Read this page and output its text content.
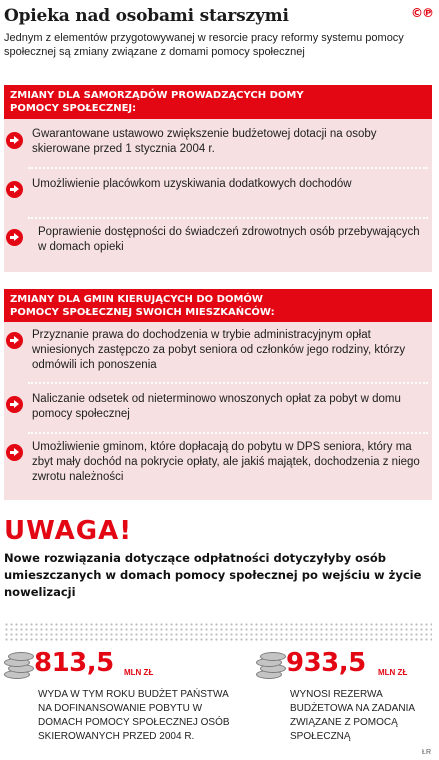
Opieka nad osobami starszymi	©℗
Jednym z elementów przygotowywanej w resorcie pracy reformy systemu pomocy społecznej są zmiany związane z domami pomocy społecznej
ZMIANY DLA SAMORZĄDÓW PROWADZĄCYCH DOMY POMOCY SPOŁECZNEJ:
Gwarantowane ustawowo zwiększenie budżetowej dotacji na osoby skierowane przed 1 stycznia 2004 r.
Umożliwienie placówkom uzyskiwania dodatkowych dochodów
Poprawienie dostępności do świadczeń zdrowotnych osób przebywających w domach opieki
ZMIANY DLA GMIN KIERUJĄCYCH DO DOMÓW POMOCY SPOŁECZNEJ SWOICH MIESZKAŃCÓW:
Przyznanie prawa do dochodzenia w trybie administracyjnym opłat wniesionych zastępczo za pobyt seniora od członków jego rodziny, którzy odmówili ich ponoszenia
Naliczanie odsetek od nieterminowo wnoszonych opłat za pobyt w domu pomocy społecznej
Umożliwienie gminom, które dopłacają do pobytu w DPS seniora, który ma zbyt mały dochód na pokrycie opłaty, ale jakiś majątek, dochodzenia z niego zwrotu należności
UWAGA!
Nowe rozwiązania dotyczące odpłatności dotyczyłyby osób umieszczanych w domach pomocy społecznej po wejściu w życie nowelizacji
813,5 MLN ZŁ
WYDA W TYM ROKU BUDŻET PAŃSTWA NA DOFINANSOWANIE POBYTU W DOMACH POMOCY SPOŁECZNEJ OSÓB SKIEROWANYCH PRZED 2004 R.
933,5 MLN ZŁ
WYNOSI REZERWA BUDŻETOWA NA ZADANIA ZWIĄZANE Z POMOCĄ SPOŁECZNĄ
ŁR
